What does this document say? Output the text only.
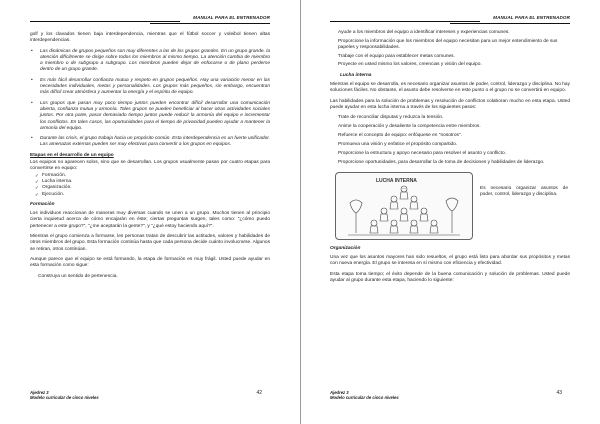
MANUAL PARA EL ENTRENADOR

golf y los clavados tienen baja interdependencia, mientras que el fútbol soccer y voleibol tienen altas interdependencias.

• Las dinámicas de grupos pequeños son muy diferentes a las de los grupos grandes. En un grupo grande, la atención difícilmente se dirige sobre todos los miembros al mismo tiempo. La atención cambia de miembro a miembro o de subgrupo a subgrupo. Los miembros pueden dejar de enfocarse o de plano perderse dentro de un grupo grande.
• Es más fácil desarrollar confianza mutua y respeto en grupos pequeños. Hay una variación menor en las necesidades individuales, metas y personalidades. Los grupos más pequeños, sin embargo, encuentran más difícil crear atmósfera y aumentar la energía y el espíritu de equipo.
• Los grupos que pasan muy poco tiempo juntos pueden encontrar difícil desarrollar una comunicación abierta, confianza mutua y armonía. Tales grupos se pueden beneficiar al hacer otras actividades sociales juntos. Por otra parte, pasar demasiado tiempo juntos puede reducir la armonía del equipo e incrementar los conflictos. En tales casos, las oportunidades para el tiempo de privacidad pueden ayudar a mantener la armonía del equipo.
• Durante las crisis, el grupo trabaja hacia un propósito común. Esta interdependencia es un fuerte unificador. Las amenazas externas pueden ser muy efectivas para convertir a los grupos en equipos.
Etapas en el desarrollo de un equipo

Los equipos no aparecen solos, sino que se desarrollan. Los grupos usualmente pasan por cuatro etapas para convertirse en equipo:

✓ Formación.
✓ Lucha interna.
✓ Organización.
✓ Ejecución.
Formación

Los individuos reaccionan de maneras muy diversas cuando se unen a un grupo. Muchos tienen al principio cierta inquietud acerca de cómo encajarán en éste; ciertas preguntas surgen, tales como: "¿cómo puedo pertenecer a este grupo?", "¿me aceptarán la gente?", y "¿qué estoy haciendo aquí?".

Mientras el grupo comienza a formarse, les personas tratan de descubrir las actitudes, valores y habilidades de otros miembros del grupo. Esta formación continúa hasta que cada persona decide cuánto involucrarse. Algunos se retiran, otros continúan.

Aunque parece que el equipo se está formando, la etapa de formación es muy frágil. Usted puede ayudar en esta formación como sigue:

Construya un sentido de pertenencia.

Ajedrez 3
Modelo curricular de cinco niveles
42
MANUAL PARA EL ENTRENADOR
Ayude a los miembros del equipo a identificar intereses y experiencias comunes.
Proporcione la información que los miembros del equipo necesitan para un mejor entendimiento de sus papeles y responsabilidades.
Trabaje con el equipo para establecer metas comunes.
Proyecte en usted mismo los valores, creencias y visión del equipo.
Lucha interna

Mientras el equipo se desarrolla, es necesario organizar asuntos de poder, control, liderazgo y disciplina. No hay soluciones fáciles. No obstante, el asunto debe resolverse en este punto o el grupo no se convertirá en equipo.

Las habilidades para la solución de problemas y resolución de conflictos colaboran mucho en esta etapa. Usted puede ayudar en esta lucha interna a través de los siguientes pasos:

Trate de reconciliar disputas y reduzca la tensión.
Anime la cooperación y desaliente la competencia entre miembros.
Refuerce el concepto de equipo: enfóquese en "nosotros".
Promueva una visión y enfatice el propósito compartido.
Proporcione la estructura y apoyo necesario para resolver el asunto y conflicto.
Proporcione oportunidades, para desarrollar la de toma de decisiones y habilidades de liderazgo.
LUCHA INTERNA
Es necesario organizar asuntos de poder, control, liderazgo y disciplina.
Organización

Una vez que los asuntos mayores han sido resueltos, el grupo está listo para abordar sus propósitos y metas con nueva energía. El grupo se interesa en sí mismo con eficiencia y efectividad.

Esta etapa toma tiempo; el éxito depende de la buena comunicación y solución de problemas. Usted puede ayudar al grupo durante esta etapa, haciendo lo siguiente:

Ajedrez 3
Modelo curricular de cinco niveles
43
